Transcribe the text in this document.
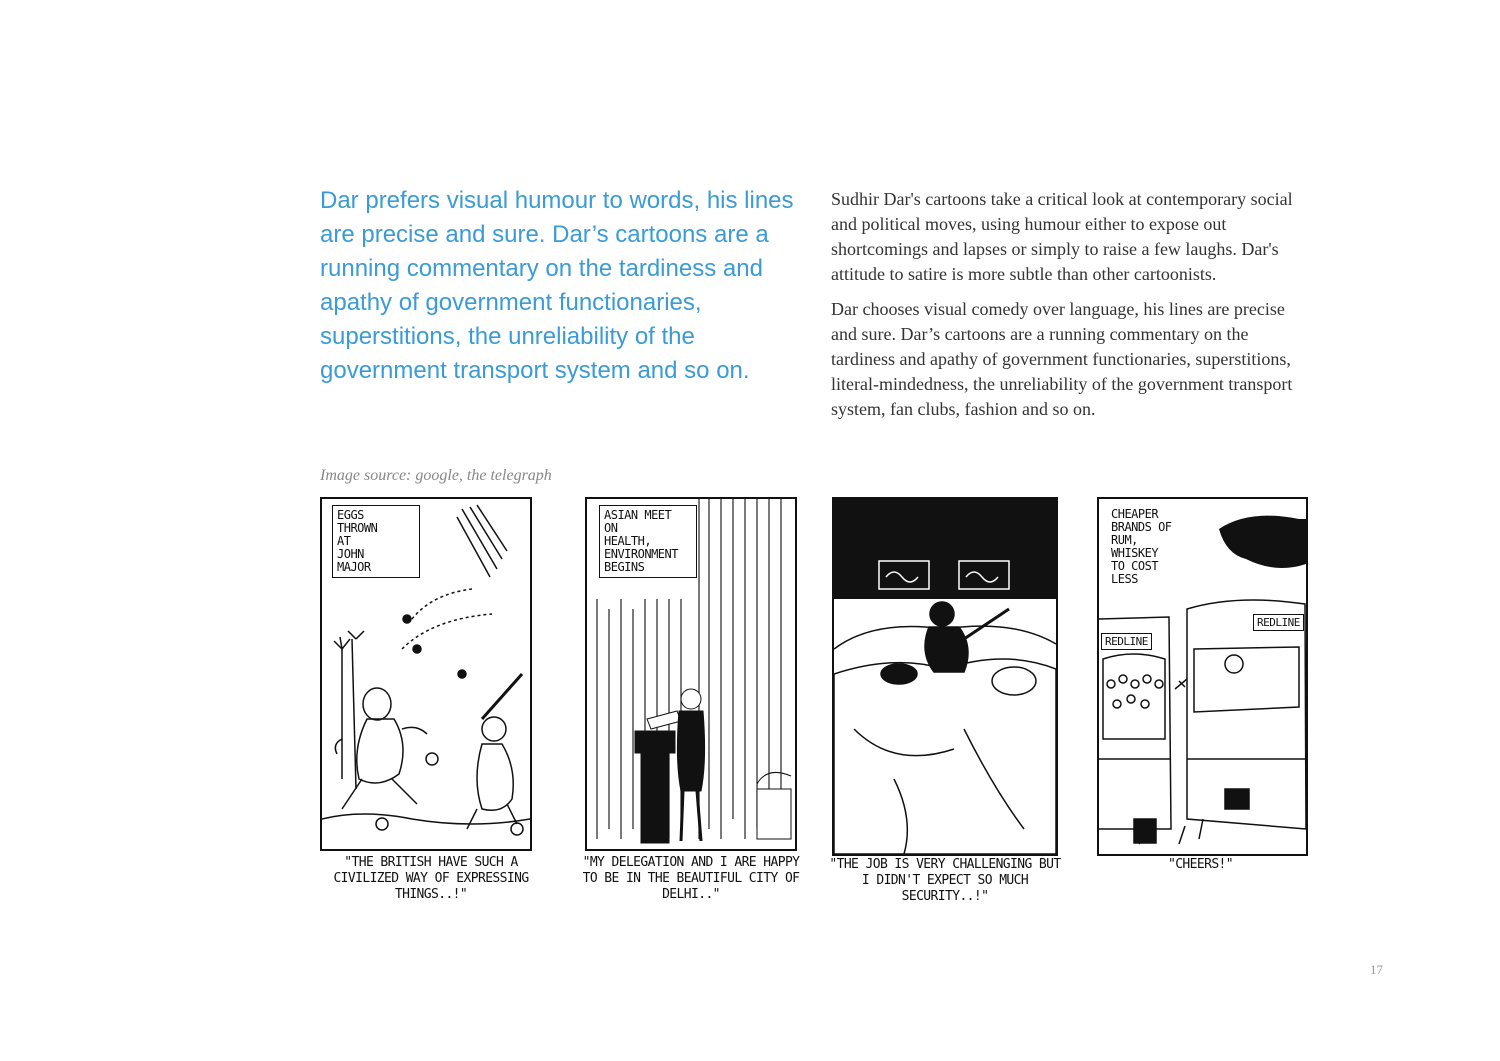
Dar prefers visual humour to words, his lines are precise and sure. Dar’s cartoons are a running commentary on the tardiness and apathy of government functionaries, superstitions, the unreliability of the government transport system and so on.

Sudhir Dar's cartoons take a critical look at contemporary social and political moves, using humour either to expose out shortcomings and lapses or simply to raise a few laughs. Dar's attitude to satire is more subtle than other cartoonists.

Dar chooses visual comedy over language, his lines are precise and sure. Dar’s cartoons are a running commentary on the tardiness and apathy of government functionaries, superstitions, literal-mindedness, the unreliability of the government transport system, fan clubs, fashion and so on.

Image source: google, the telegraph
EGGS
THROWN
AT
JOHN
MAJOR
"THE BRITISH HAVE SUCH A CIVILIZED WAY OF EXPRESSING THINGS..!"
ASIAN MEET
ON
HEALTH,
ENVIRONMENT
BEGINS
"MY DELEGATION AND I ARE HAPPY TO BE IN THE BEAUTIFUL CITY OF DELHI.."
"THE JOB IS VERY CHALLENGING BUT I DIDN'T EXPECT SO MUCH SECURITY..!"
CHEAPER
BRANDS OF
RUM,
WHISKEY
TO COST
LESS
REDLINE
REDLINE
"CHEERS!"
17
